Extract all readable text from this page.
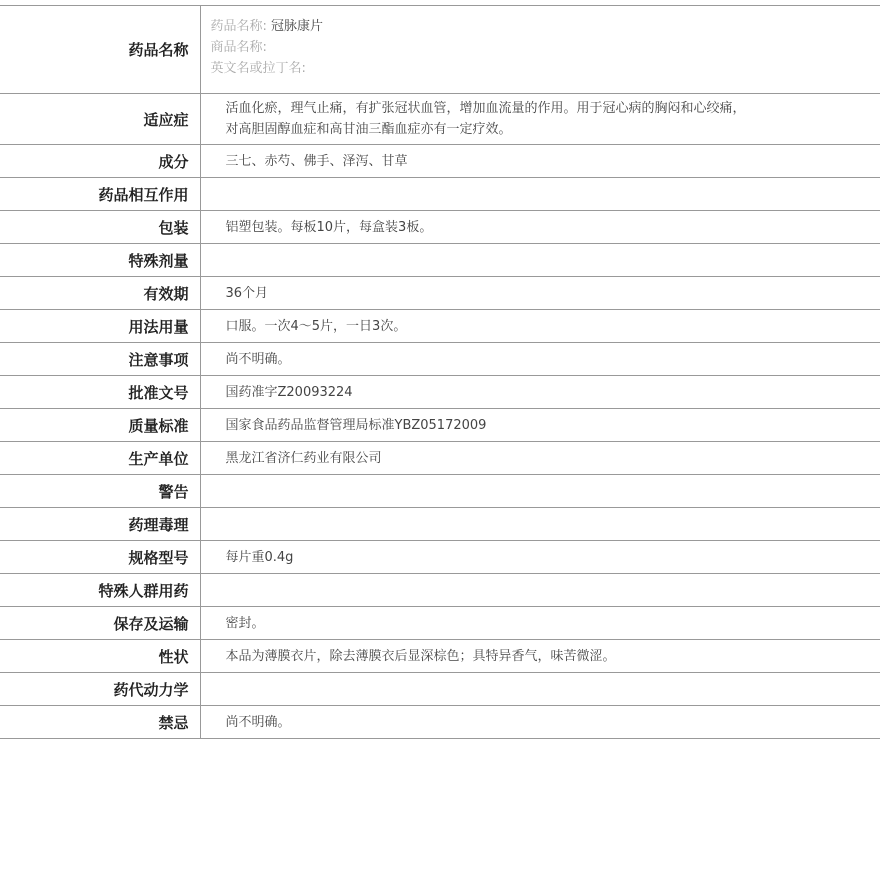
药品名称	药品名称: 冠脉康片
商品名称:
英文名或拉丁名:

适应症	活血化瘀，理气止痛，有扩张冠状血管，增加血流量的作用。用于冠心病的胸闷和心绞痛，
对高胆固醇血症和高甘油三酯血症亦有一定疗效。

成分	三七、赤芍、佛手、泽泻、甘草

药品相互作用	

包装	铝塑包装。每板10片，每盒装3板。

特殊剂量	

有效期	36个月

用法用量	口服。一次4～5片，一日3次。

注意事项	尚不明确。

批准文号	国药准字Z20093224

质量标准	国家食品药品监督管理局标准YBZ05172009

生产单位	黑龙江省济仁药业有限公司

警告	

药理毒理	

规格型号	每片重0.4g

特殊人群用药	

保存及运输	密封。

性状	本品为薄膜衣片，除去薄膜衣后显深棕色；具特异香气，味苦微涩。

药代动力学	

禁忌	尚不明确。
